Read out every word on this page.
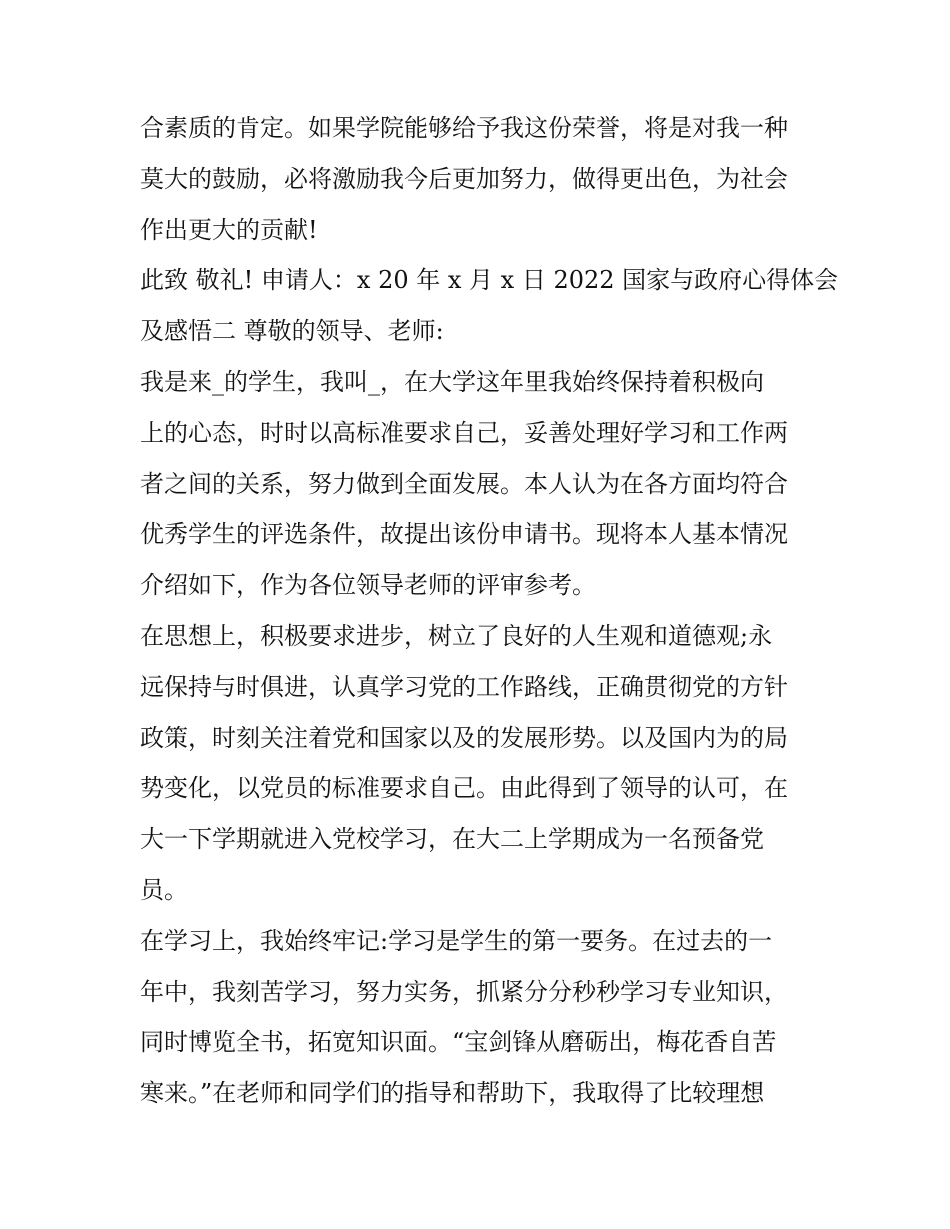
合素质的肯定。如果学院能够给予我这份荣誉，将是对我一种
莫大的鼓励，必将激励我今后更加努力，做得更出色，为社会
作出更大的贡献!
此致 敬礼! 申请人：x 20 年 x 月 x 日 2022 国家与政府心得体会
及感悟二 尊敬的领导、老师:
我是来_的学生，我叫_，在大学这年里我始终保持着积极向
上的心态，时时以高标准要求自己，妥善处理好学习和工作两
者之间的关系，努力做到全面发展。本人认为在各方面均符合
优秀学生的评选条件，故提出该份申请书。现将本人基本情况
介绍如下，作为各位领导老师的评审参考。
在思想上，积极要求进步，树立了良好的人生观和道德观;永
远保持与时俱进，认真学习党的工作路线，正确贯彻党的方针
政策，时刻关注着党和国家以及的发展形势。以及国内为的局
势变化，以党员的标准要求自己。由此得到了领导的认可，在
大一下学期就进入党校学习，在大二上学期成为一名预备党
员。
在学习上，我始终牢记:学习是学生的第一要务。在过去的一
年中，我刻苦学习，努力实务，抓紧分分秒秒学习专业知识，
同时博览全书，拓宽知识面。“宝剑锋从磨砺出，梅花香自苦
寒来。”在老师和同学们的指导和帮助下，我取得了比较理想
